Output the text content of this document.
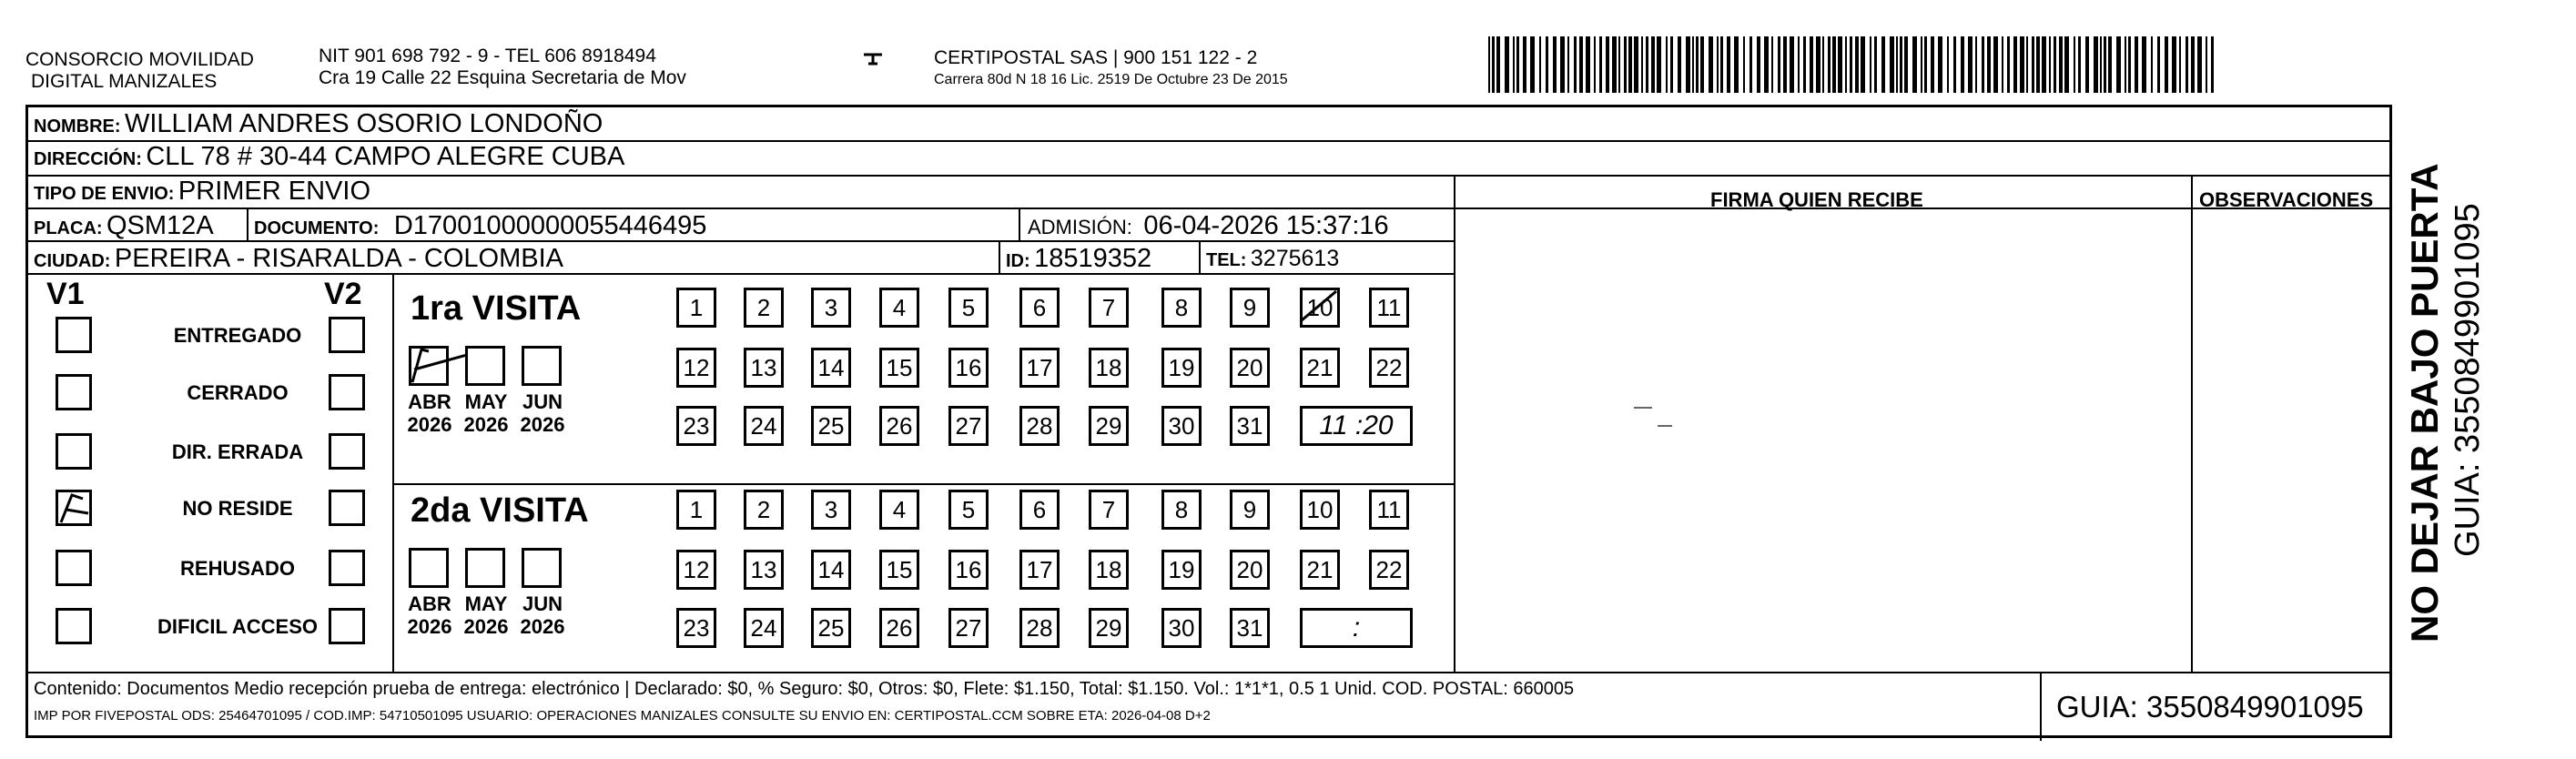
CONSORCIO MOVILIDAD
DIGITAL MANIZALES
NIT 901 698 792 - 9 - TEL 606 8918494
Cra 19 Calle 22 Esquina Secretaria de Mov
CERTIPOSTAL SAS | 900 151 122 - 2
Carrera 80d N 18 16 Lic. 2519 De Octubre 23 De 2015
NOMBRE: WILLIAM ANDRES OSORIO LONDOÑO
DIRECCIÓN: CLL 78 # 30-44 CAMPO ALEGRE CUBA
TIPO DE ENVIO: PRIMER ENVIO	FIRMA QUIEN RECIBE	OBSERVACIONES
PLACA: QSM12A DOCUMENTO: D17001000000055446495	ADMISIÓN: 06-04-2026 15:37:16
CIUDAD: PEREIRA - RISARALDA - COLOMBIA	ID: 18519352	TEL: 3275613
V1	V2
ENTREGADO
CERRADO
DIR. ERRADA
NO RESIDE
REHUSADO
DIFICIL ACCESO
1ra VISITA
2da VISITA
ABR
2026
MAY
2026
JUN
2026
1	2	3	4	5	6	7	8	9	10	11
12 13 14 15 16 17 18 19 20 21 22
23 24 25 26 27 28 29 30 31	11 :20
ABR
2026
MAY
2026
JUN
2026
1	2	3	4	5	6	7	8	9	10	11
12 13 14 15 16 17 18 19 20 21 22
23 24 25 26 27 28 29 30 31	:
Contenido: Documentos Medio recepción prueba de entrega: electrónico | Declarado: $0, % Seguro: $0, Otros: $0, Flete: $1.150, Total: $1.150. Vol.: 1*1*1, 0.5 1 Unid. COD. POSTAL: 660005
IMP POR FIVEPOSTAL ODS: 25464701095 / COD.IMP: 54710501095 USUARIO: OPERACIONES MANIZALES CONSULTE SU ENVIO EN: CERTIPOSTAL.CCM SOBRE ETA: 2026-04-08 D+2	GUIA: 3550849901095
NO DEJAR BAJO PUERTA GUIA: 3550849901095
